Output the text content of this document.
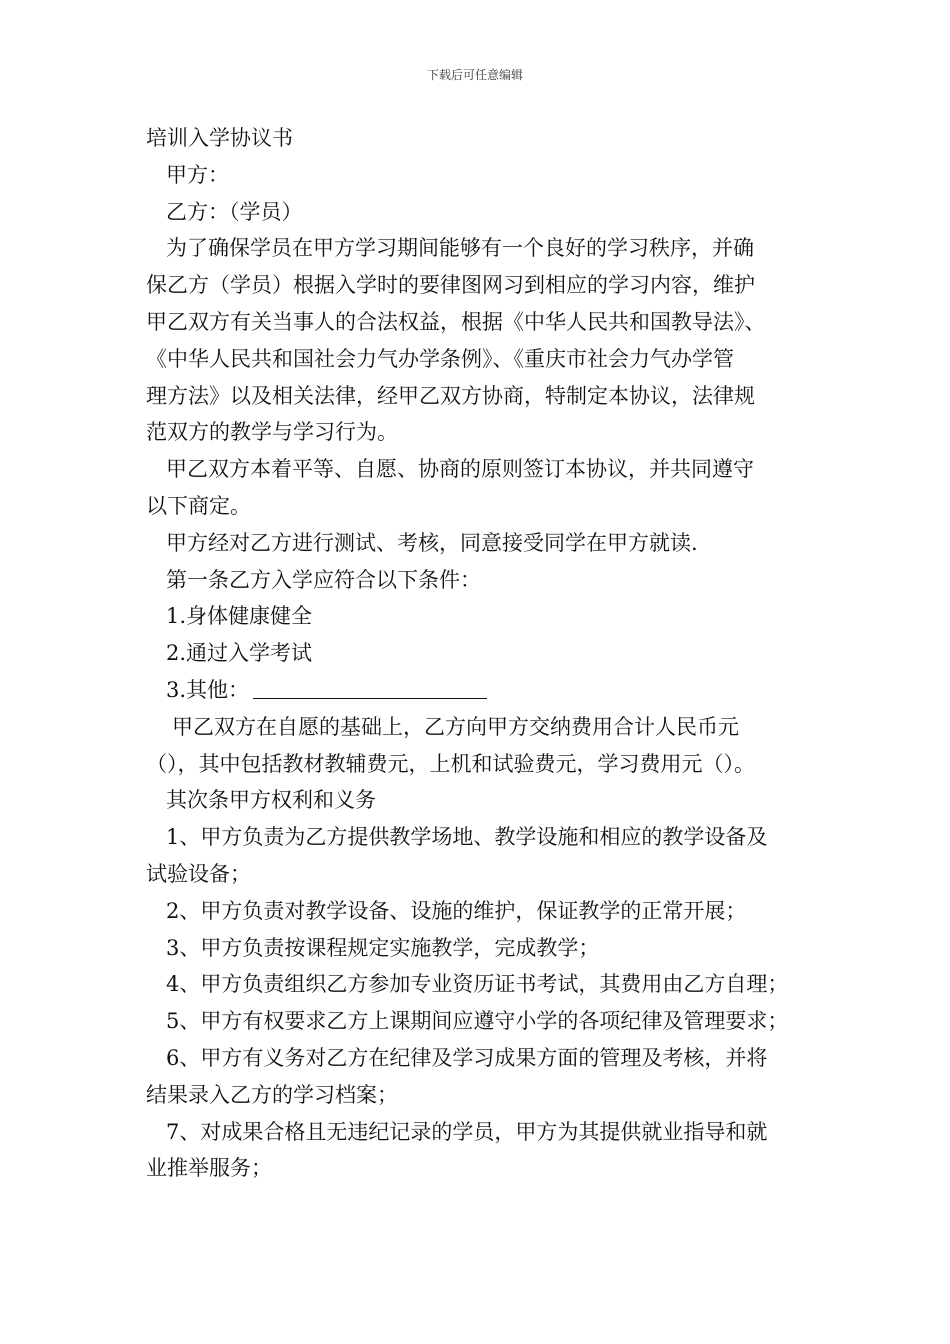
下载后可任意编辑
培训入学协议书
甲方：
乙方：（学员）
为了确保学员在甲方学习期间能够有一个良好的学习秩序，并确
保乙方（学员）根据入学时的要律图网习到相应的学习内容，维护
甲乙双方有关当事人的合法权益，根据《中华人民共和国教导法》、
《中华人民共和国社会力气办学条例》、《重庆市社会力气办学管
理方法》以及相关法律，经甲乙双方协商，特制定本协议，法律规
范双方的教学与学习行为。
甲乙双方本着平等、自愿、协商的原则签订本协议，并共同遵守
以下商定。
甲方经对乙方进行测试、考核，同意接受同学在甲方就读.
第一条乙方入学应符合以下条件：
1.身体健康健全
2.通过入学考试
3.其他：
甲乙双方在自愿的基础上，乙方向甲方交纳费用合计人民币元
（），其中包括教材教辅费元，上机和试验费元，学习费用元（）。
其次条甲方权利和义务
1、甲方负责为乙方提供教学场地、教学设施和相应的教学设备及
试验设备；
2、甲方负责对教学设备、设施的维护，保证教学的正常开展；
3、甲方负责按课程规定实施教学，完成教学；
4、甲方负责组织乙方参加专业资历证书考试，其费用由乙方自理；
5、甲方有权要求乙方上课期间应遵守小学的各项纪律及管理要求；
6、甲方有义务对乙方在纪律及学习成果方面的管理及考核，并将
结果录入乙方的学习档案；
7、对成果合格且无违纪记录的学员，甲方为其提供就业指导和就
业推举服务；
